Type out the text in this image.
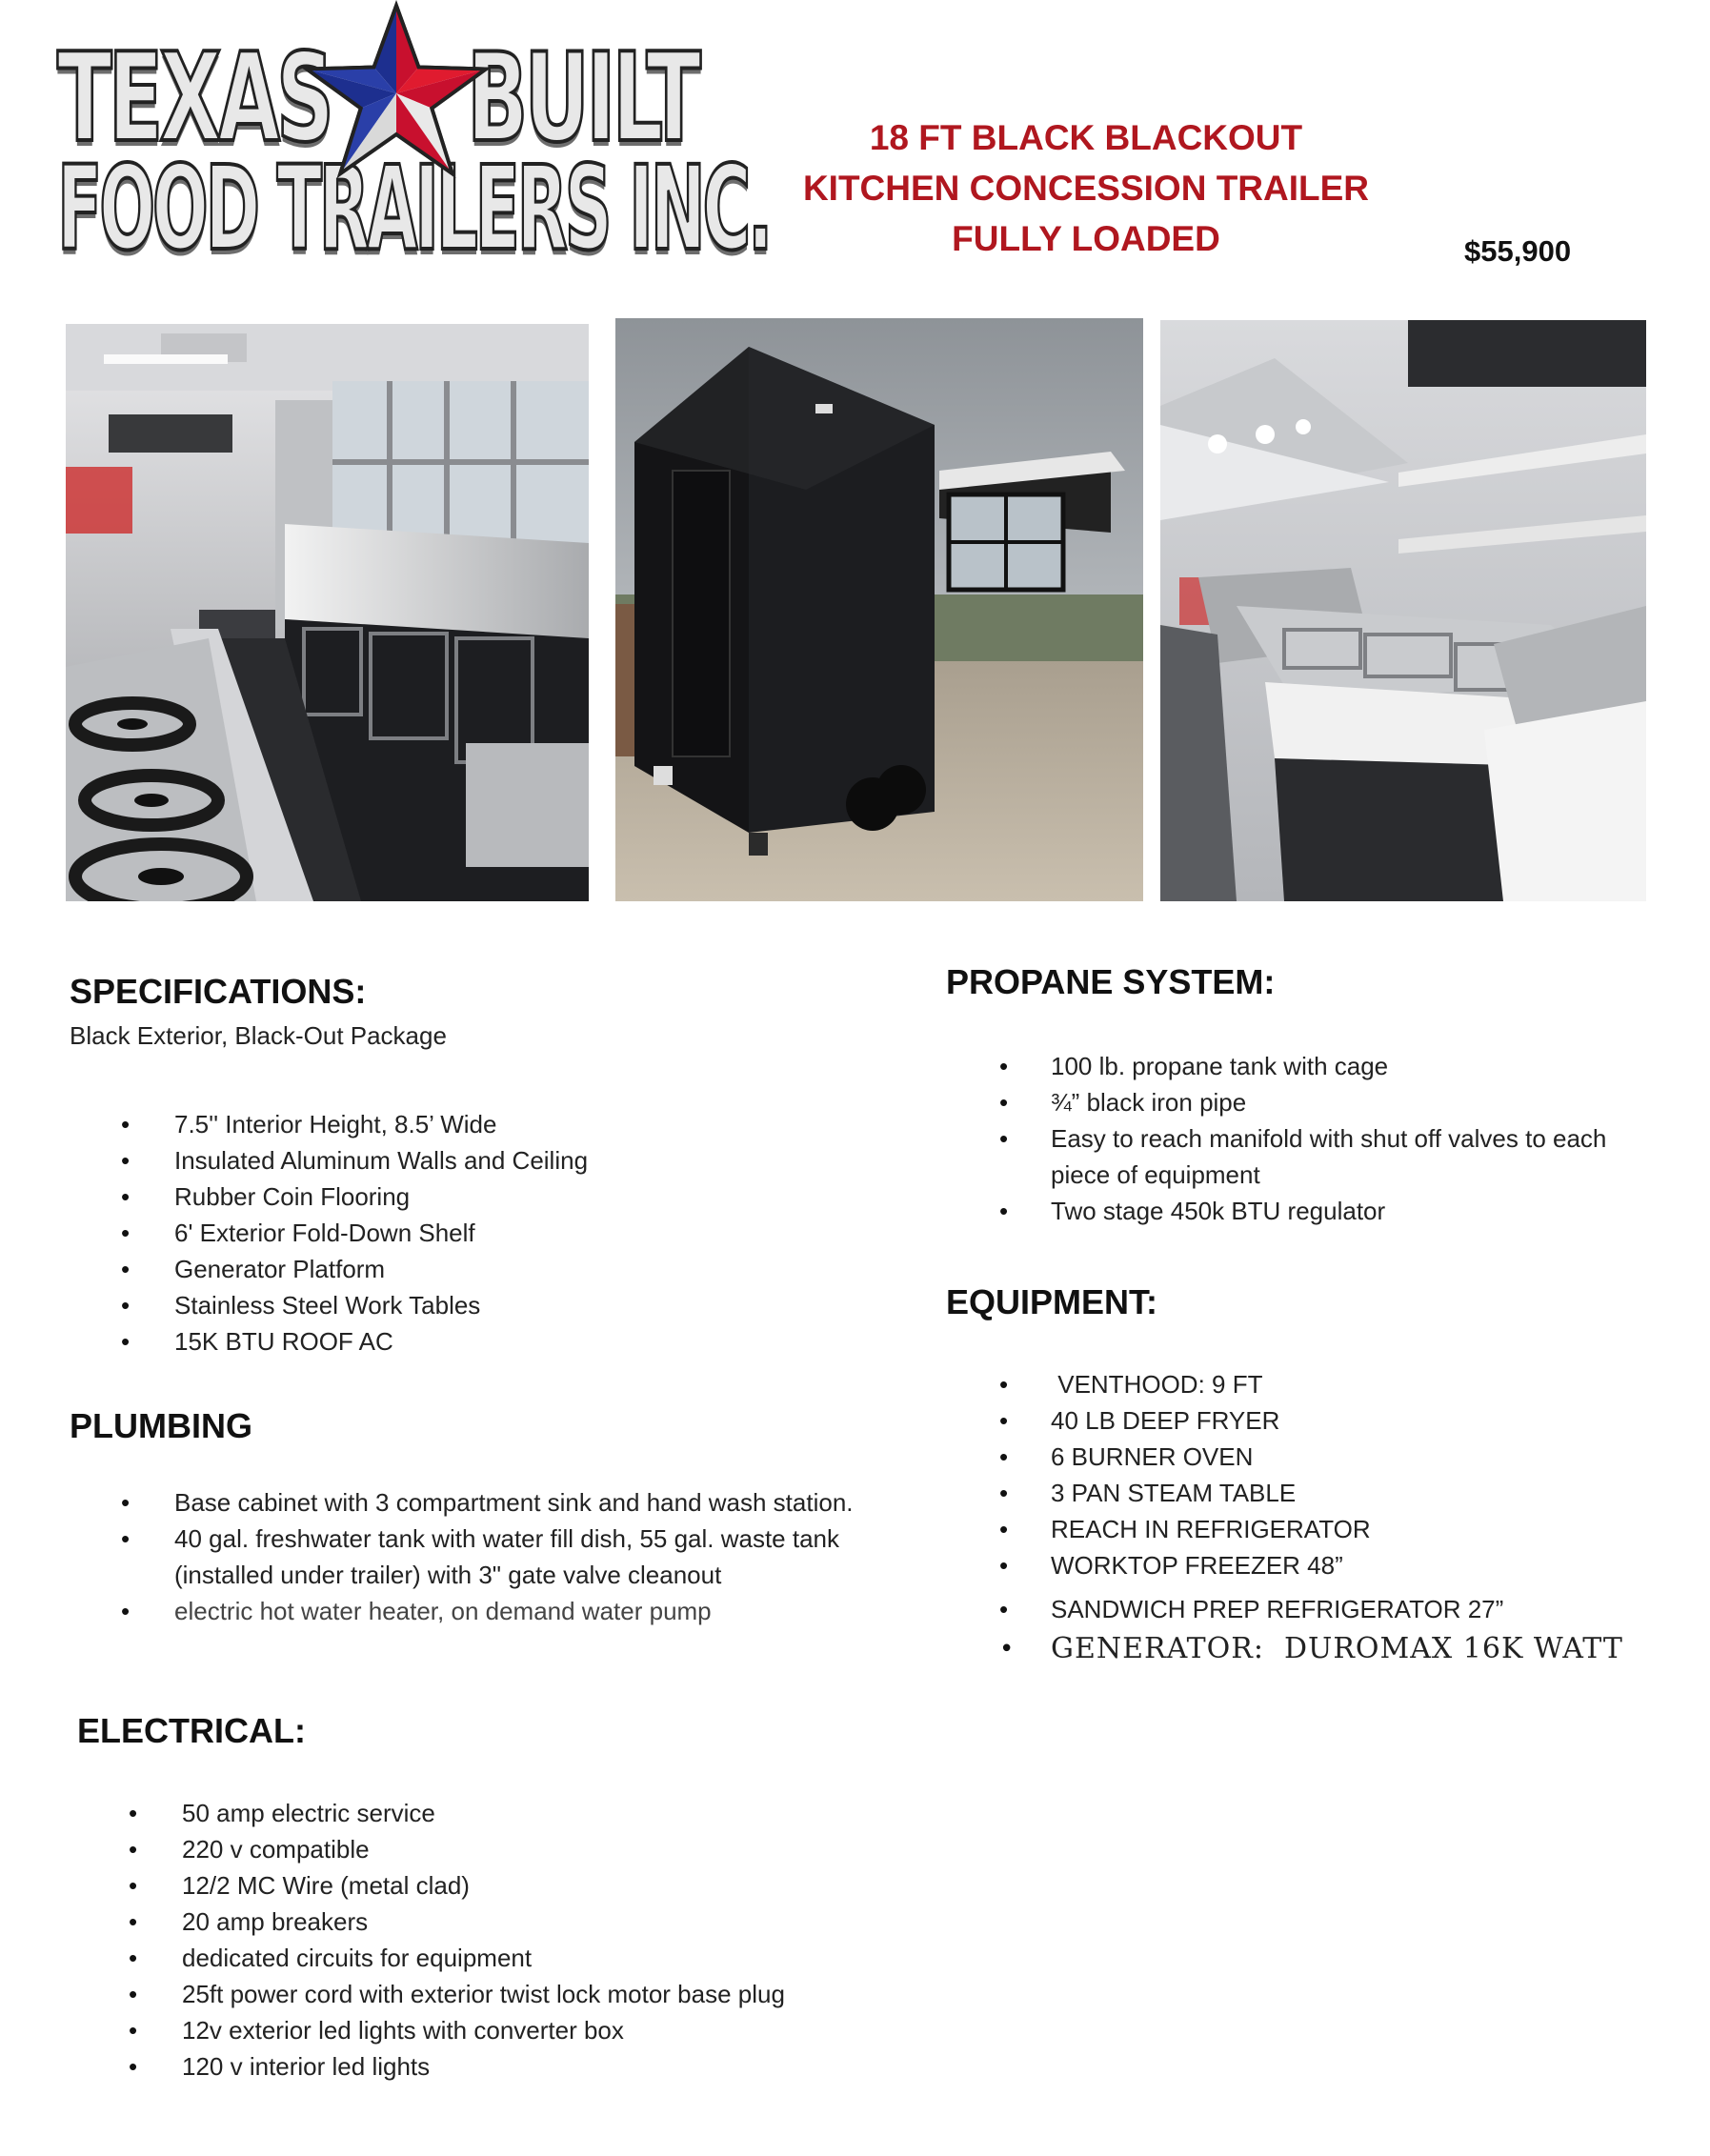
TEXAS BUILT
FOOD TRAILERS INC.
18 FT BLACK BLACKOUT
KITCHEN CONCESSION TRAILER
FULLY LOADED	$55,900
SPECIFICATIONS:

Black Exterior, Black-Out Package

• 7.5'' Interior Height, 8.5’ Wide
• Insulated Aluminum Walls and Ceiling
• Rubber Coin Flooring
• 6' Exterior Fold-Down Shelf
• Generator Platform
• Stainless Steel Work Tables
• 15K BTU ROOF AC
PLUMBING
• Base cabinet with 3 compartment sink and hand wash station.
• 40 gal. freshwater tank with water fill dish, 55 gal. waste tank (installed under trailer) with 3" gate valve cleanout
• electric hot water heater, on demand water pump
ELECTRICAL:
• 50 amp electric service
• 220 v compatible
• 12/2 MC Wire (metal clad)
• 20 amp breakers
• dedicated circuits for equipment
• 25ft power cord with exterior twist lock motor base plug
• 12v exterior led lights with converter box
• 120 v interior led lights
PROPANE SYSTEM:
• 100 lb. propane tank with cage
• ¾” black iron pipe
• Easy to reach manifold with shut off valves to each piece of equipment
• Two stage 450k BTU regulator
EQUIPMENT:
•  VENTHOOD: 9 FT
• 40 LB DEEP FRYER
• 6 BURNER OVEN
• 3 PAN STEAM TABLE
• REACH IN REFRIGERATOR
• WORKTOP FREEZER 48”
• SANDWICH PREP REFRIGERATOR 27”
• GENERATOR:  DUROMAX 16K WATT
